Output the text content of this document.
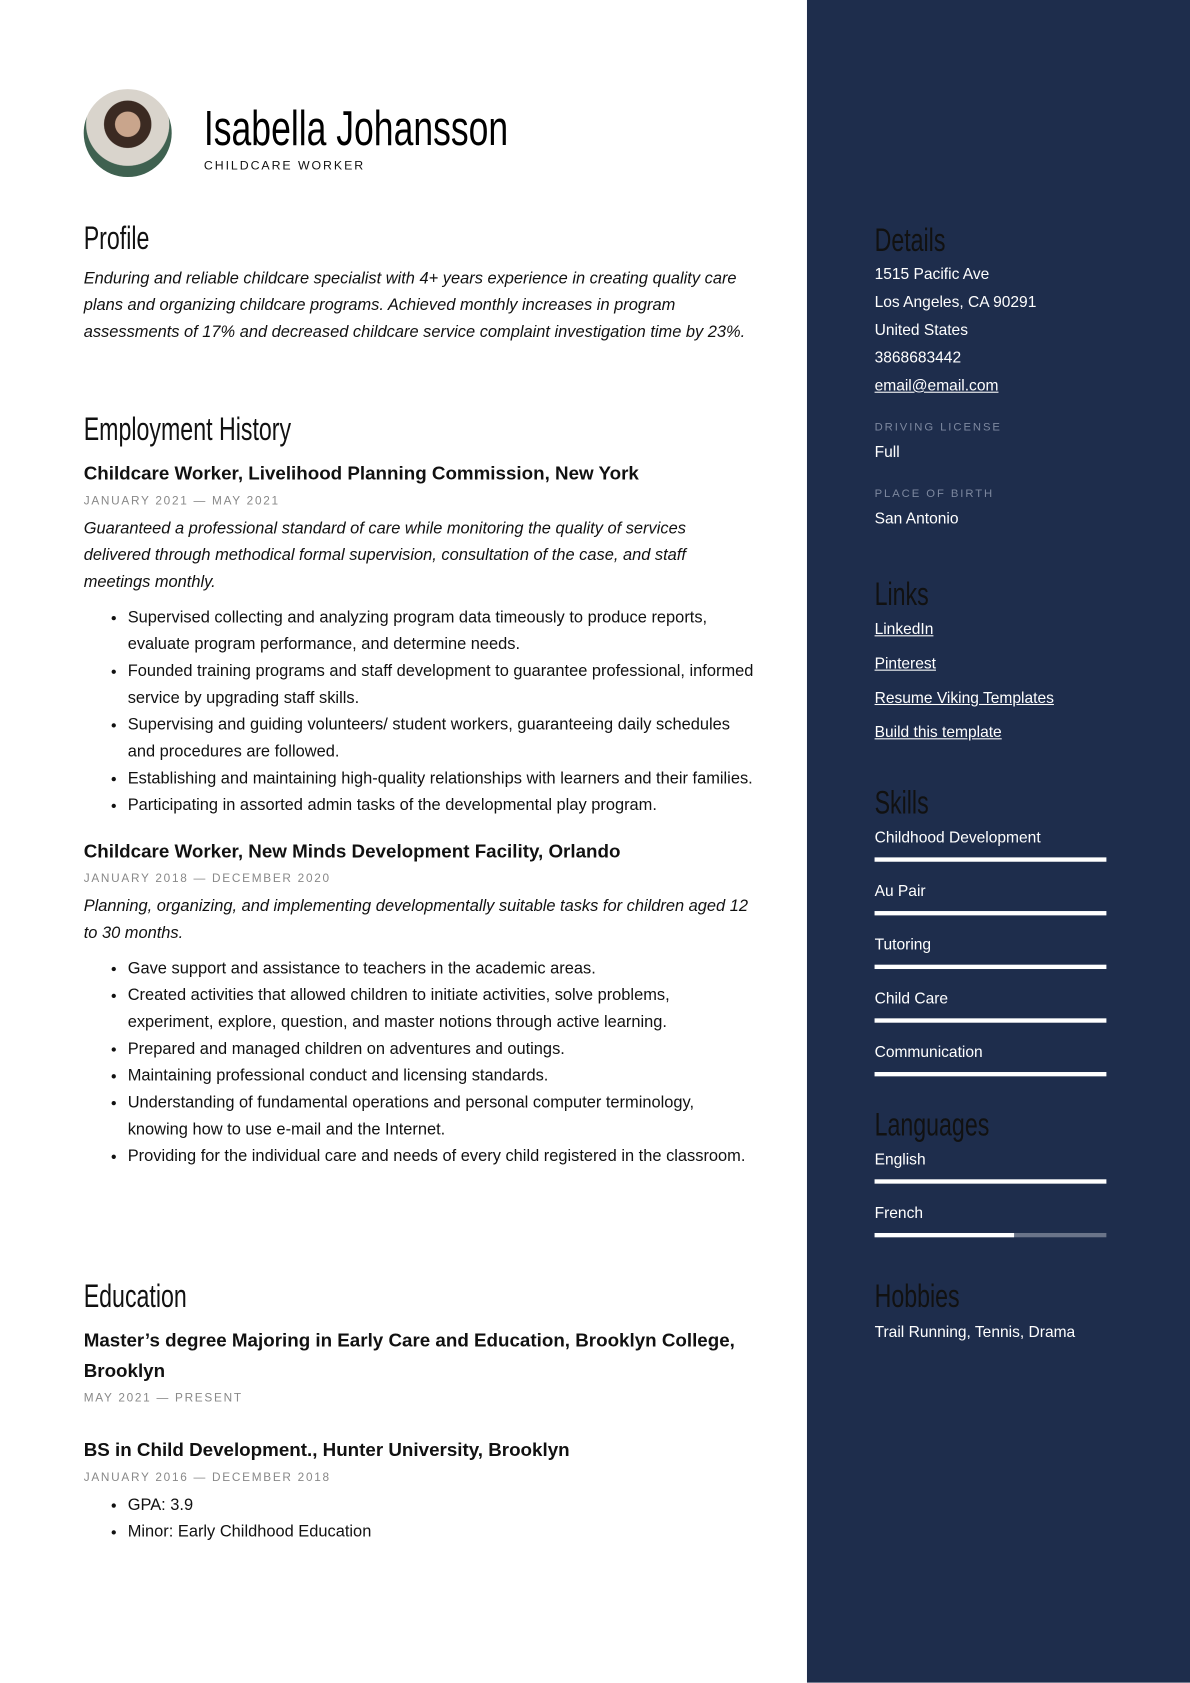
Isabella Johansson
CHILDCARE WORKER
Profile
Enduring and reliable childcare specialist with 4+ years experience in creating quality care plans and organizing childcare programs. Achieved monthly increases in program assessments of 17% and decreased childcare service complaint investigation time by 23%.
Employment History
Childcare Worker, Livelihood Planning Commission, New York
JANUARY 2021 — MAY 2021
Guaranteed a professional standard of care while monitoring the quality of services delivered through methodical formal supervision, consultation of the case, and staff meetings monthly.
• Supervised collecting and analyzing program data timeously to produce reports, evaluate program performance, and determine needs.
• Founded training programs and staff development to guarantee professional, informed service by upgrading staff skills.
• Supervising and guiding volunteers/ student workers, guaranteeing daily schedules and procedures are followed.
• Establishing and maintaining high-quality relationships with learners and their families.
• Participating in assorted admin tasks of the developmental play program.
Childcare Worker, New Minds Development Facility, Orlando
JANUARY 2018 — DECEMBER 2020
Planning, organizing, and implementing developmentally suitable tasks for children aged 12 to 30 months.
• Gave support and assistance to teachers in the academic areas.
• Created activities that allowed children to initiate activities, solve problems, experiment, explore, question, and master notions through active learning.
• Prepared and managed children on adventures and outings.
• Maintaining professional conduct and licensing standards.
• Understanding of fundamental operations and personal computer terminology, knowing how to use e-mail and the Internet.
• Providing for the individual care and needs of every child registered in the classroom.
Education
Master’s degree Majoring in Early Care and Education, Brooklyn College, Brooklyn
MAY 2021 — PRESENT
BS in Child Development., Hunter University, Brooklyn
JANUARY 2016 — DECEMBER 2018
• GPA: 3.9
• Minor: Early Childhood Education
Details
1515 Pacific Ave
Los Angeles, CA 90291
United States
3868683442
email@email.com
DRIVING LICENSE
Full
PLACE OF BIRTH
San Antonio
Links
LinkedIn
Pinterest
Resume Viking Templates
Build this template
Skills
Childhood Development
Au Pair
Tutoring
Child Care
Communication
Languages
English
French
Hobbies
Trail Running, Tennis, Drama
